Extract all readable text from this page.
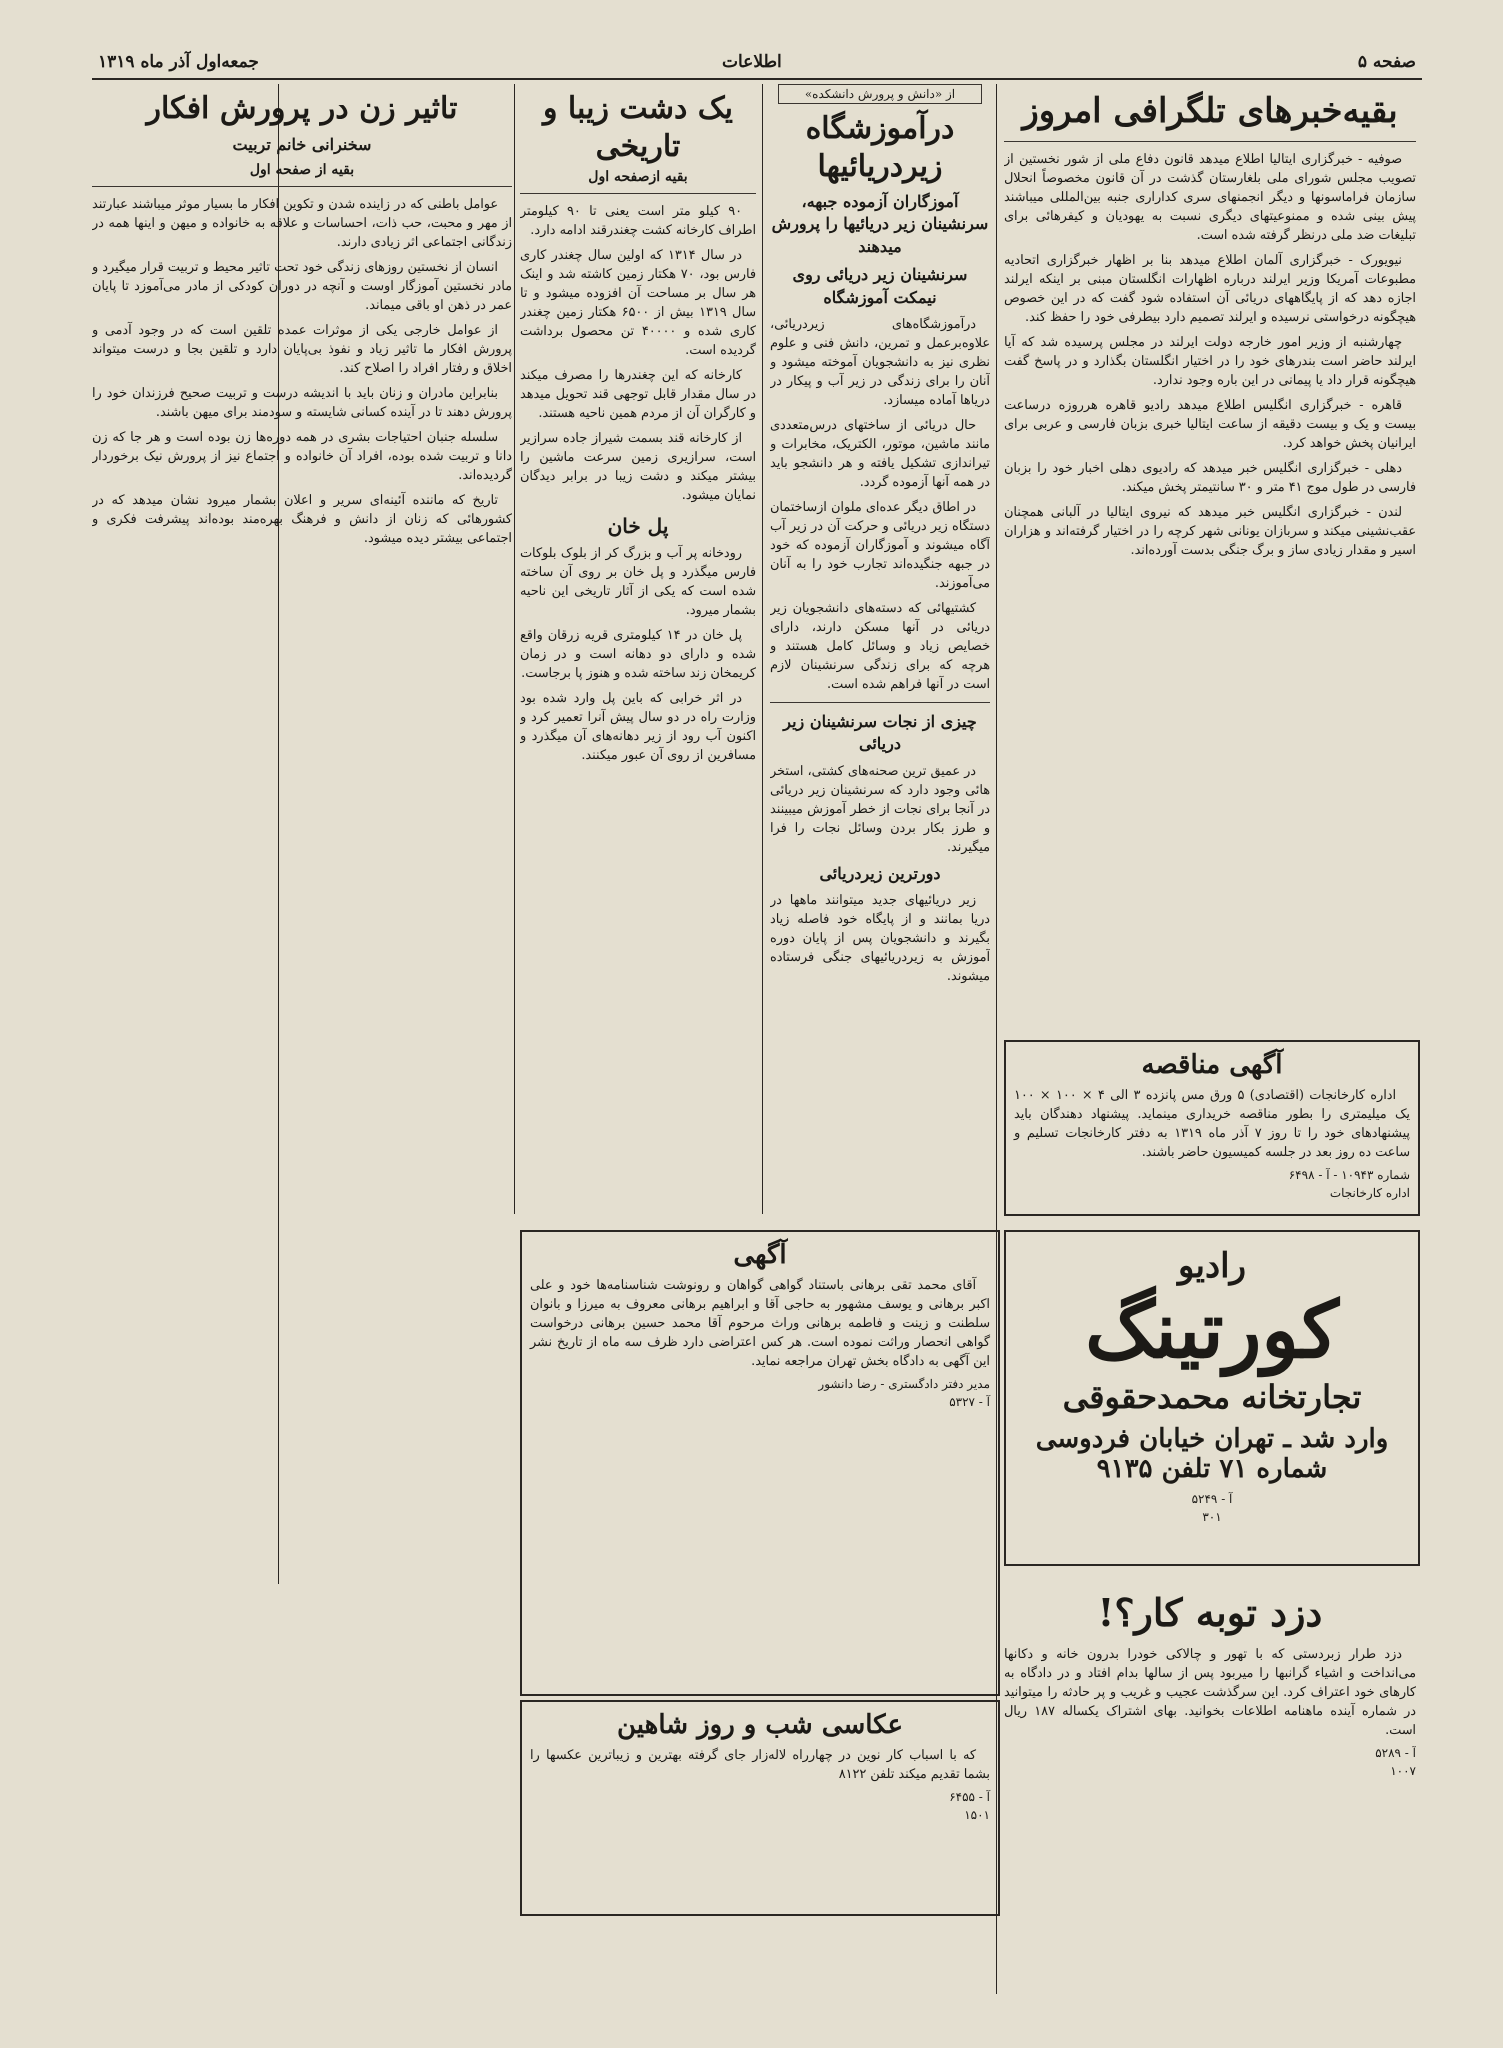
صفحه ۵
اطلاعات
جمعه‌اول آذر ماه ۱۳۱۹
بقیه‌خبرهای تلگرافی امروز

صوفیه - خبرگزاری ایتالیا اطلاع میدهد قانون دفاع ملی از شور نخستین از تصویب مجلس شورای ملی بلغارستان گذشت در آن قانون مخصوصاً انحلال سازمان فراماسونها و دیگر انجمنهای سری کداراری جنبه بین‌المللی میباشند پیش بینی شده و ممنوعیتهای دیگری نسبت به یهودیان و کیفرهائی برای تبلیغات ضد ملی درنظر گرفته شده است.

نیویورک - خبرگزاری آلمان اطلاع میدهد بنا بر اظهار خبرگزاری اتحادیه مطبوعات آمریکا وزیر ایرلند درباره اظهارات انگلستان مبنی بر اینکه ایرلند اجازه دهد که از پایگاههای دریائی آن استفاده شود گفت که در این خصوص هیچگونه درخواستی نرسیده و ایرلند تصمیم دارد بیطرفی خود را حفظ کند.

چهارشنبه از وزیر امور خارجه دولت ایرلند در مجلس پرسیده شد که آیا ایرلند حاضر است بندرهای خود را در اختیار انگلستان بگذارد و در پاسخ گفت هیچگونه قرار داد یا پیمانی در این باره وجود ندارد.

قاهره - خبرگزاری انگلیس اطلاع میدهد رادیو قاهره هرروزه درساعت بیست و یک و بیست دقیقه از ساعت ایتالیا خبری بزبان فارسی و عربی برای ایرانیان پخش خواهد کرد.

دهلی - خبرگزاری انگلیس خبر میدهد که رادیوی دهلی اخبار خود را بزبان فارسی در طول موج ۴۱ متر و ۳۰ سانتیمتر پخش میکند.

لندن - خبرگزاری انگلیس خبر میدهد که نیروی ایتالیا در آلبانی همچنان عقب‌نشینی میکند و سربازان یونانی شهر کرچه را در اختیار گرفته‌اند و هزاران اسیر و مقدار زیادی ساز و برگ جنگی بدست آورده‌اند.

از «دانش و پرورش دانشکده»
درآموزشگاه زیردریائیها
آموزگاران آزموده جبهه، سرنشینان زیر دریائیها را پرورش میدهند
سرنشینان زیر دریائی روی نیمکت آموزشگاه

درآموزشگاه‌های زیردریائی، علاوه‌برعمل و تمرین، دانش فنی و علوم نظری نیز به دانشجویان آموخته میشود و آنان را برای زندگی در زیر آب و پیکار در دریاها آماده میسازد.

حال دریائی از ساختهای درس‌متعددی مانند ماشین، موتور، الکتریک، مخابرات و تیراندازی تشکیل یافته و هر دانشجو باید در همه آنها آزموده گردد.

در اطاق دیگر عده‌ای ملوان ازساختمان دستگاه زیر دریائی و حرکت آن در زیر آب آگاه میشوند و آموزگاران آزموده که خود در جبهه جنگیده‌اند تجارب خود را به آنان می‌آموزند.

کشتیهائی که دسته‌های دانشجویان زیر دریائی در آنها مسکن دارند، دارای خصایص زیاد و وسائل کامل هستند و هرچه که برای زندگی سرنشینان لازم است در آنها فراهم شده است.

چیزی از نجات سرنشینان زیر دریائی

در عمیق ترین صحنه‌های کشتی، استخر هائی وجود دارد که سرنشینان زیر دریائی در آنجا برای نجات از خطر آموزش میبینند و طرز بکار بردن وسائل نجات را فرا میگیرند.

دورترین زیردریائی

زیر دریائیهای جدید میتوانند ماهها در دریا بمانند و از پایگاه خود فاصله زیاد بگیرند و دانشجویان پس از پایان دوره آموزش به زیردریائیهای جنگی فرستاده میشوند.

یک دشت زیبا و تاریخی
بقیه ازصفحه اول

۹۰ کیلو متر است یعنی تا ۹۰ کیلومتر اطراف کارخانه کشت چغندرقند ادامه دارد.

در سال ۱۳۱۴ که اولین سال چغندر کاری فارس بود، ۷۰ هکتار زمین کاشته شد و اینک هر سال بر مساحت آن افزوده میشود و تا سال ۱۳۱۹ بیش از ۶۵۰۰ هکتار زمین چغندر کاری شده و ۴۰۰۰۰ تن محصول برداشت گردیده است.

کارخانه که این چغندرها را مصرف میکند در سال مقدار قابل توجهی قند تحویل میدهد و کارگران آن از مردم همین ناحیه هستند.

از کارخانه قند بسمت شیراز جاده سرازیر است، سرازیری زمین سرعت ماشین را بیشتر میکند و دشت زیبا در برابر دیدگان نمایان میشود.

پل خان

رودخانه پر آب و بزرگ کر از بلوک بلوکات فارس میگذرد و پل خان بر روی آن ساخته شده است که یکی از آثار تاریخی این ناحیه بشمار میرود.

پل خان در ۱۴ کیلومتری قریه زرقان واقع شده و دارای دو دهانه است و در زمان کریمخان زند ساخته شده و هنوز پا برجاست.

در اثر خرابی که باین پل وارد شده بود وزارت راه در دو سال پیش آنرا تعمیر کرد و اکنون آب رود از زیر دهانه‌های آن میگذرد و مسافرین از روی آن عبور میکنند.

تاثیر زن در پرورش افکار
سخنرانی خانم تربیت
بقیه از صفحه اول

عوامل باطنی که در زاینده شدن و تکوین افکار ما بسیار موثر میباشند عبارتند از مهر و محبت، حب ذات، احساسات و علاقه به خانواده و میهن و اینها همه در زندگانی اجتماعی اثر زیادی دارند.

انسان از نخستین روزهای زندگی خود تحت تاثیر محیط و تربیت قرار میگیرد و مادر نخستین آموزگار اوست و آنچه در دوران کودکی از مادر می‌آموزد تا پایان عمر در ذهن او باقی میماند.

از عوامل خارجی یکی از موثرات عمده تلقین است که در وجود آدمی و پرورش افکار ما تاثیر زیاد و نفوذ بی‌پایان دارد و تلقین بجا و درست میتواند اخلاق و رفتار افراد را اصلاح کند.

بنابراین مادران و زنان باید با اندیشه درست و تربیت صحیح فرزندان خود را پرورش دهند تا در آینده کسانی شایسته و سودمند برای میهن باشند.

سلسله جنبان احتیاجات بشری در همه دوره‌ها زن بوده است و هر جا که زن دانا و تربیت شده بوده، افراد آن خانواده و اجتماع نیز از پرورش نیک برخوردار گردیده‌اند.

تاریخ که ماننده آئینه‌ای سریر و اعلان بشمار میرود نشان میدهد که در کشورهائی که زنان از دانش و فرهنگ بهره‌مند بوده‌اند پیشرفت فکری و اجتماعی بیشتر دیده میشود.

آگهی مناقصه

اداره کارخانجات (اقتصادی) ۵ ورق مس پانزده ۳ الی ۴ × ۱۰۰ × ۱۰۰ یک میلیمتری را بطور مناقصه خریداری مینماید. پیشنهاد دهندگان باید پیشنهادهای خود را تا روز ۷ آذر ماه ۱۳۱۹ به دفتر کارخانجات تسلیم و ساعت ده روز بعد در جلسه کمیسیون حاضر باشند.

شماره ۱۰۹۴۳ - آ - ۶۴۹۸
اداره کارخانجات
رادیو
کورتینگ
تجارتخانه محمدحقوقی
وارد شد ـ تهران خیابان فردوسی شماره ۷۱ تلفن ۹۱۳۵
آ - ۵۲۴۹
۳۰۱
دزد توبه کار؟!

دزد طرار زبردستی که با تهور و چالاکی خودرا بدرون خانه و دکانها می‌انداخت و اشیاء گرانبها را میربود پس از سالها بدام افتاد و در دادگاه به کارهای خود اعتراف کرد. این سرگذشت عجیب و غریب و پر حادثه را میتوانید در شماره آینده ماهنامه اطلاعات بخوانید. بهای اشتراک یکساله ۱۸۷ ریال است.

آ - ۵۲۸۹
۱۰۰۷
آگهی

آقای محمد تقی برهانی باستناد گواهی گواهان و رونوشت شناسنامه‌ها خود و علی اکبر برهانی و یوسف مشهور به حاجی آقا و ابراهیم برهانی معروف به میرزا و بانوان سلطنت و زینت و فاطمه برهانی وراث مرحوم آقا محمد حسین برهانی درخواست گواهی انحصار وراثت نموده است. هر کس اعتراضی دارد ظرف سه ماه از تاریخ نشر این آگهی به دادگاه بخش تهران مراجعه نماید.

مدیر دفتر دادگستری - رضا دانشور
آ - ۵۳۲۷
عکاسی شب و روز شاهین

که با اسباب کار نوین در چهارراه لاله‌زار جای گرفته بهترین و زیباترین عکسها را بشما تقدیم میکند تلفن ۸۱۲۲

آ - ۶۴۵۵
۱۵۰۱
